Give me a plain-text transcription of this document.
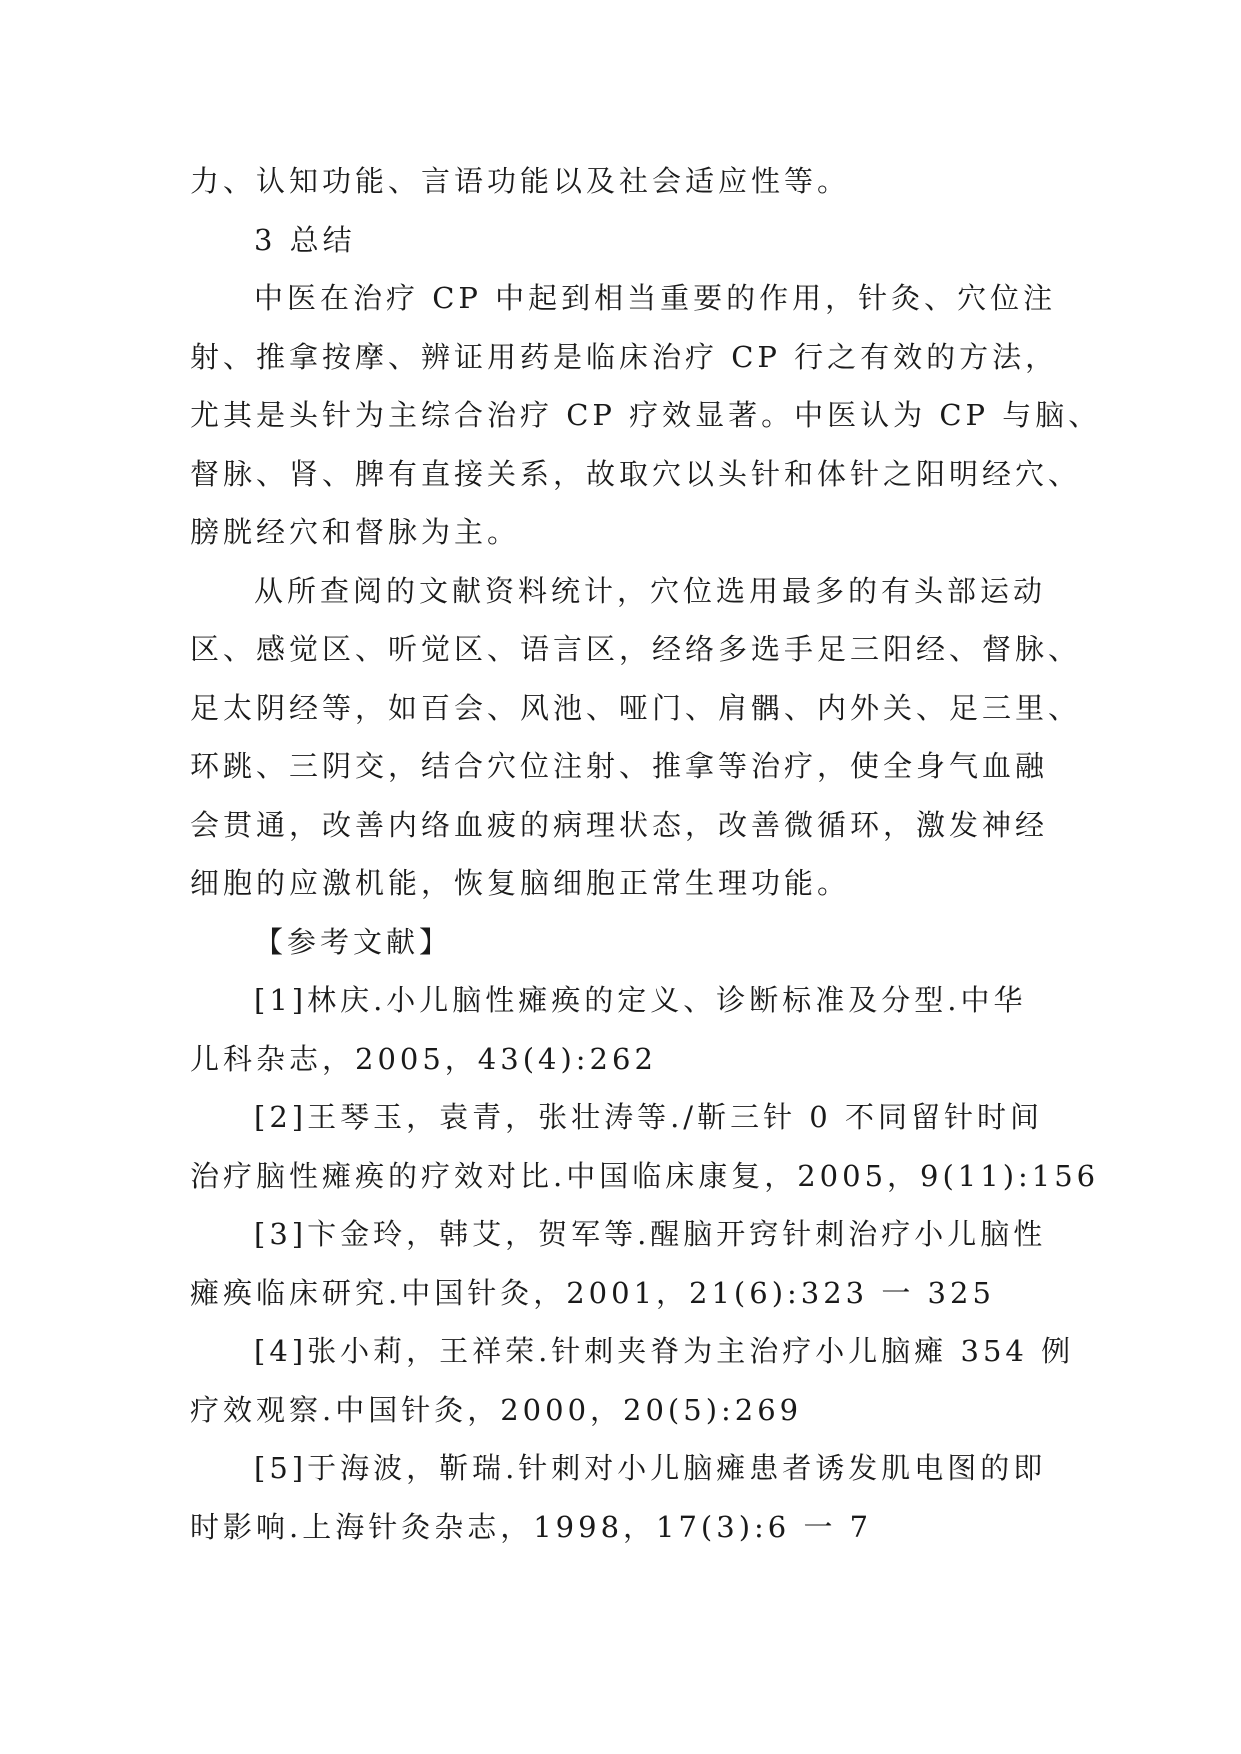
力、认知功能、言语功能以及社会适应性等。
3 总结
中医在治疗 CP 中起到相当重要的作用，针灸、穴位注
射、推拿按摩、辨证用药是临床治疗 CP 行之有效的方法，
尤其是头针为主综合治疗 CP 疗效显著。中医认为 CP 与脑、
督脉、肾、脾有直接关系，故取穴以头针和体针之阳明经穴、
膀胱经穴和督脉为主。
从所查阅的文献资料统计，穴位选用最多的有头部运动
区、感觉区、听觉区、语言区，经络多选手足三阳经、督脉、
足太阴经等，如百会、风池、哑门、肩髃、内外关、足三里、
环跳、三阴交，结合穴位注射、推拿等治疗，使全身气血融
会贯通，改善内络血疲的病理状态，改善微循环，激发神经
细胞的应激机能，恢复脑细胞正常生理功能。
【参考文献】
[1]林庆.小儿脑性瘫痪的定义、诊断标准及分型.中华
儿科杂志，2005，43(4):262
[2]王琴玉，袁青，张壮涛等./靳三针 0 不同留针时间
治疗脑性瘫痪的疗效对比.中国临床康复，2005，9(11):156
[3]卞金玲，韩艾，贺军等.醒脑开窍针刺治疗小儿脑性
瘫痪临床研究.中国针灸，2001，21(6):323 一 325
[4]张小莉，王祥荣.针刺夹脊为主治疗小儿脑瘫 354 例
疗效观察.中国针灸，2000，20(5):269
[5]于海波，靳瑞.针刺对小儿脑瘫患者诱发肌电图的即
时影响.上海针灸杂志，1998，17(3):6 一 7
